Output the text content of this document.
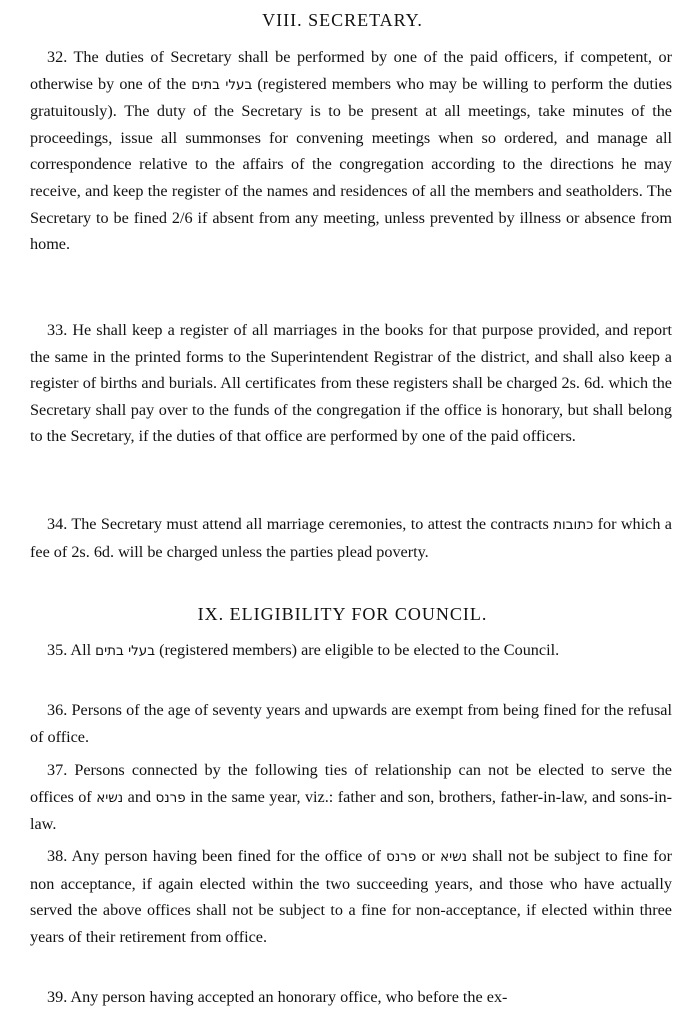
VIII. SECRETARY.

32. The duties of Secretary shall be performed by one of the paid officers, if competent, or otherwise by one of the בעלי בתים (registered members who may be willing to perform the duties gratuitously). The duty of the Secretary is to be present at all meetings, take minutes of the proceedings, issue all summonses for convening meetings when so ordered, and manage all correspondence relative to the affairs of the congregation according to the directions he may receive, and keep the register of the names and residences of all the members and seatholders. The Secretary to be fined 2/6 if absent from any meeting, unless prevented by illness or absence from home.

33. He shall keep a register of all marriages in the books for that purpose provided, and report the same in the printed forms to the Superintendent Registrar of the district, and shall also keep a register of births and burials. All certificates from these registers shall be charged 2s. 6d. which the Secretary shall pay over to the funds of the congregation if the office is honorary, but shall belong to the Secretary, if the duties of that office are performed by one of the paid officers.

34. The Secretary must attend all marriage ceremonies, to attest the contracts כתובות for which a fee of 2s. 6d. will be charged unless the parties plead poverty.

IX. ELIGIBILITY FOR COUNCIL.

35. All בעלי בתים (registered members) are eligible to be elected to the Council.

36. Persons of the age of seventy years and upwards are exempt from being fined for the refusal of office.

37. Persons connected by the following ties of relationship can not be elected to serve the offices of נשיא and פרנס in the same year, viz.: father and son, brothers, father-in-law, and sons-in-law.

38. Any person having been fined for the office of פרנס or נשיא shall not be subject to fine for non acceptance, if again elected within the two succeeding years, and those who have actually served the above offices shall not be subject to a fine for non-acceptance, if elected within three years of their retirement from office.

39. Any person having accepted an honorary office, who before the ex-
